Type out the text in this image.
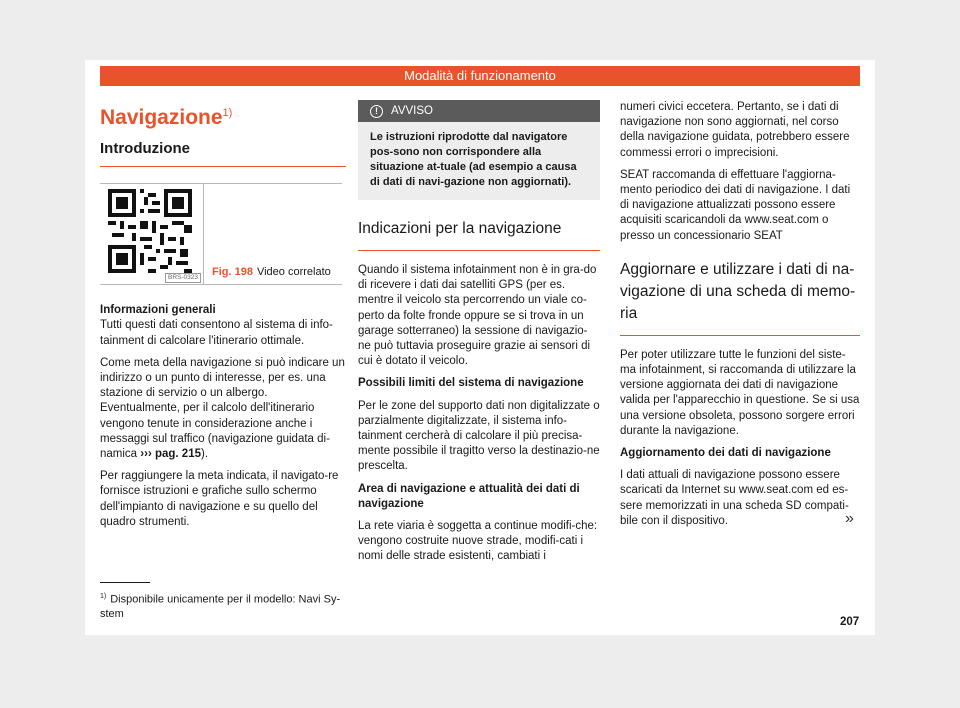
Modalità di funzionamento
Navigazione$^{1)}$
Introduzione
BRS-0323 Fig. 198 Video correlato

Informazioni generali
Tutti questi dati consentono al sistema di info-tainment di calcolare l'itinerario ottimale.

Come meta della navigazione si può indicare un indirizzo o un punto di interesse, per es. una stazione di servizio o un albergo. Eventualmente, per il calcolo dell'itinerario vengono tenute in considerazione anche i messaggi sul traffico (navigazione guidata di-namica ››› pag. 215).

Per raggiungere la meta indicata, il navigato-re fornisce istruzioni e grafiche sullo schermo dell'impianto di navigazione e su quello del quadro strumenti.

$^{1)}$ Disponibile unicamente per il modello: Navi Sy-stem
!	AVVISO
Le istruzioni riprodotte dal navigatore pos-sono non corrispondere alla situazione at-tuale (ad esempio a causa di dati di navi-gazione non aggiornati).
Indicazioni per la navigazione

Quando il sistema infotainment non è in gra-do di ricevere i dati dai satelliti GPS (per es. mentre il veicolo sta percorrendo un viale co-perto da folte fronde oppure se si trova in un garage sotterraneo) la sessione di navigazio-ne può tuttavia proseguire grazie ai sensori di cui è dotato il veicolo.

Possibili limiti del sistema di navigazione

Per le zone del supporto dati non digitalizzate o parzialmente digitalizzate, il sistema info-tainment cercherà di calcolare il più precisa-mente possibile il tragitto verso la destinazio-ne prescelta.

Area di navigazione e attualità dei dati di navigazione

La rete viaria è soggetta a continue modifi-che: vengono costruite nuove strade, modifi-cati i nomi delle strade esistenti, cambiati i

numeri civici eccetera. Pertanto, se i dati di navigazione non sono aggiornati, nel corso della navigazione guidata, potrebbero essere commessi errori o imprecisioni.

SEAT raccomanda di effettuare l'aggiorna-mento periodico dei dati di navigazione. I dati di navigazione attualizzati possono essere acquisiti scaricandoli da www.seat.com o presso un concessionario SEAT

Aggiornare e utilizzare i dati di na-vigazione di una scheda di memo-ria

Per poter utilizzare tutte le funzioni del siste-ma infotainment, si raccomanda di utilizzare la versione aggiornata dei dati di navigazione valida per l'apparecchio in questione. Se si usa una versione obsoleta, possono sorgere errori durante la navigazione.

Aggiornamento dei dati di navigazione

I dati attuali di navigazione possono essere scaricati da Internet su www.seat.com ed es-sere memorizzati in una scheda SD compati-bile con il dispositivo.	»
207
